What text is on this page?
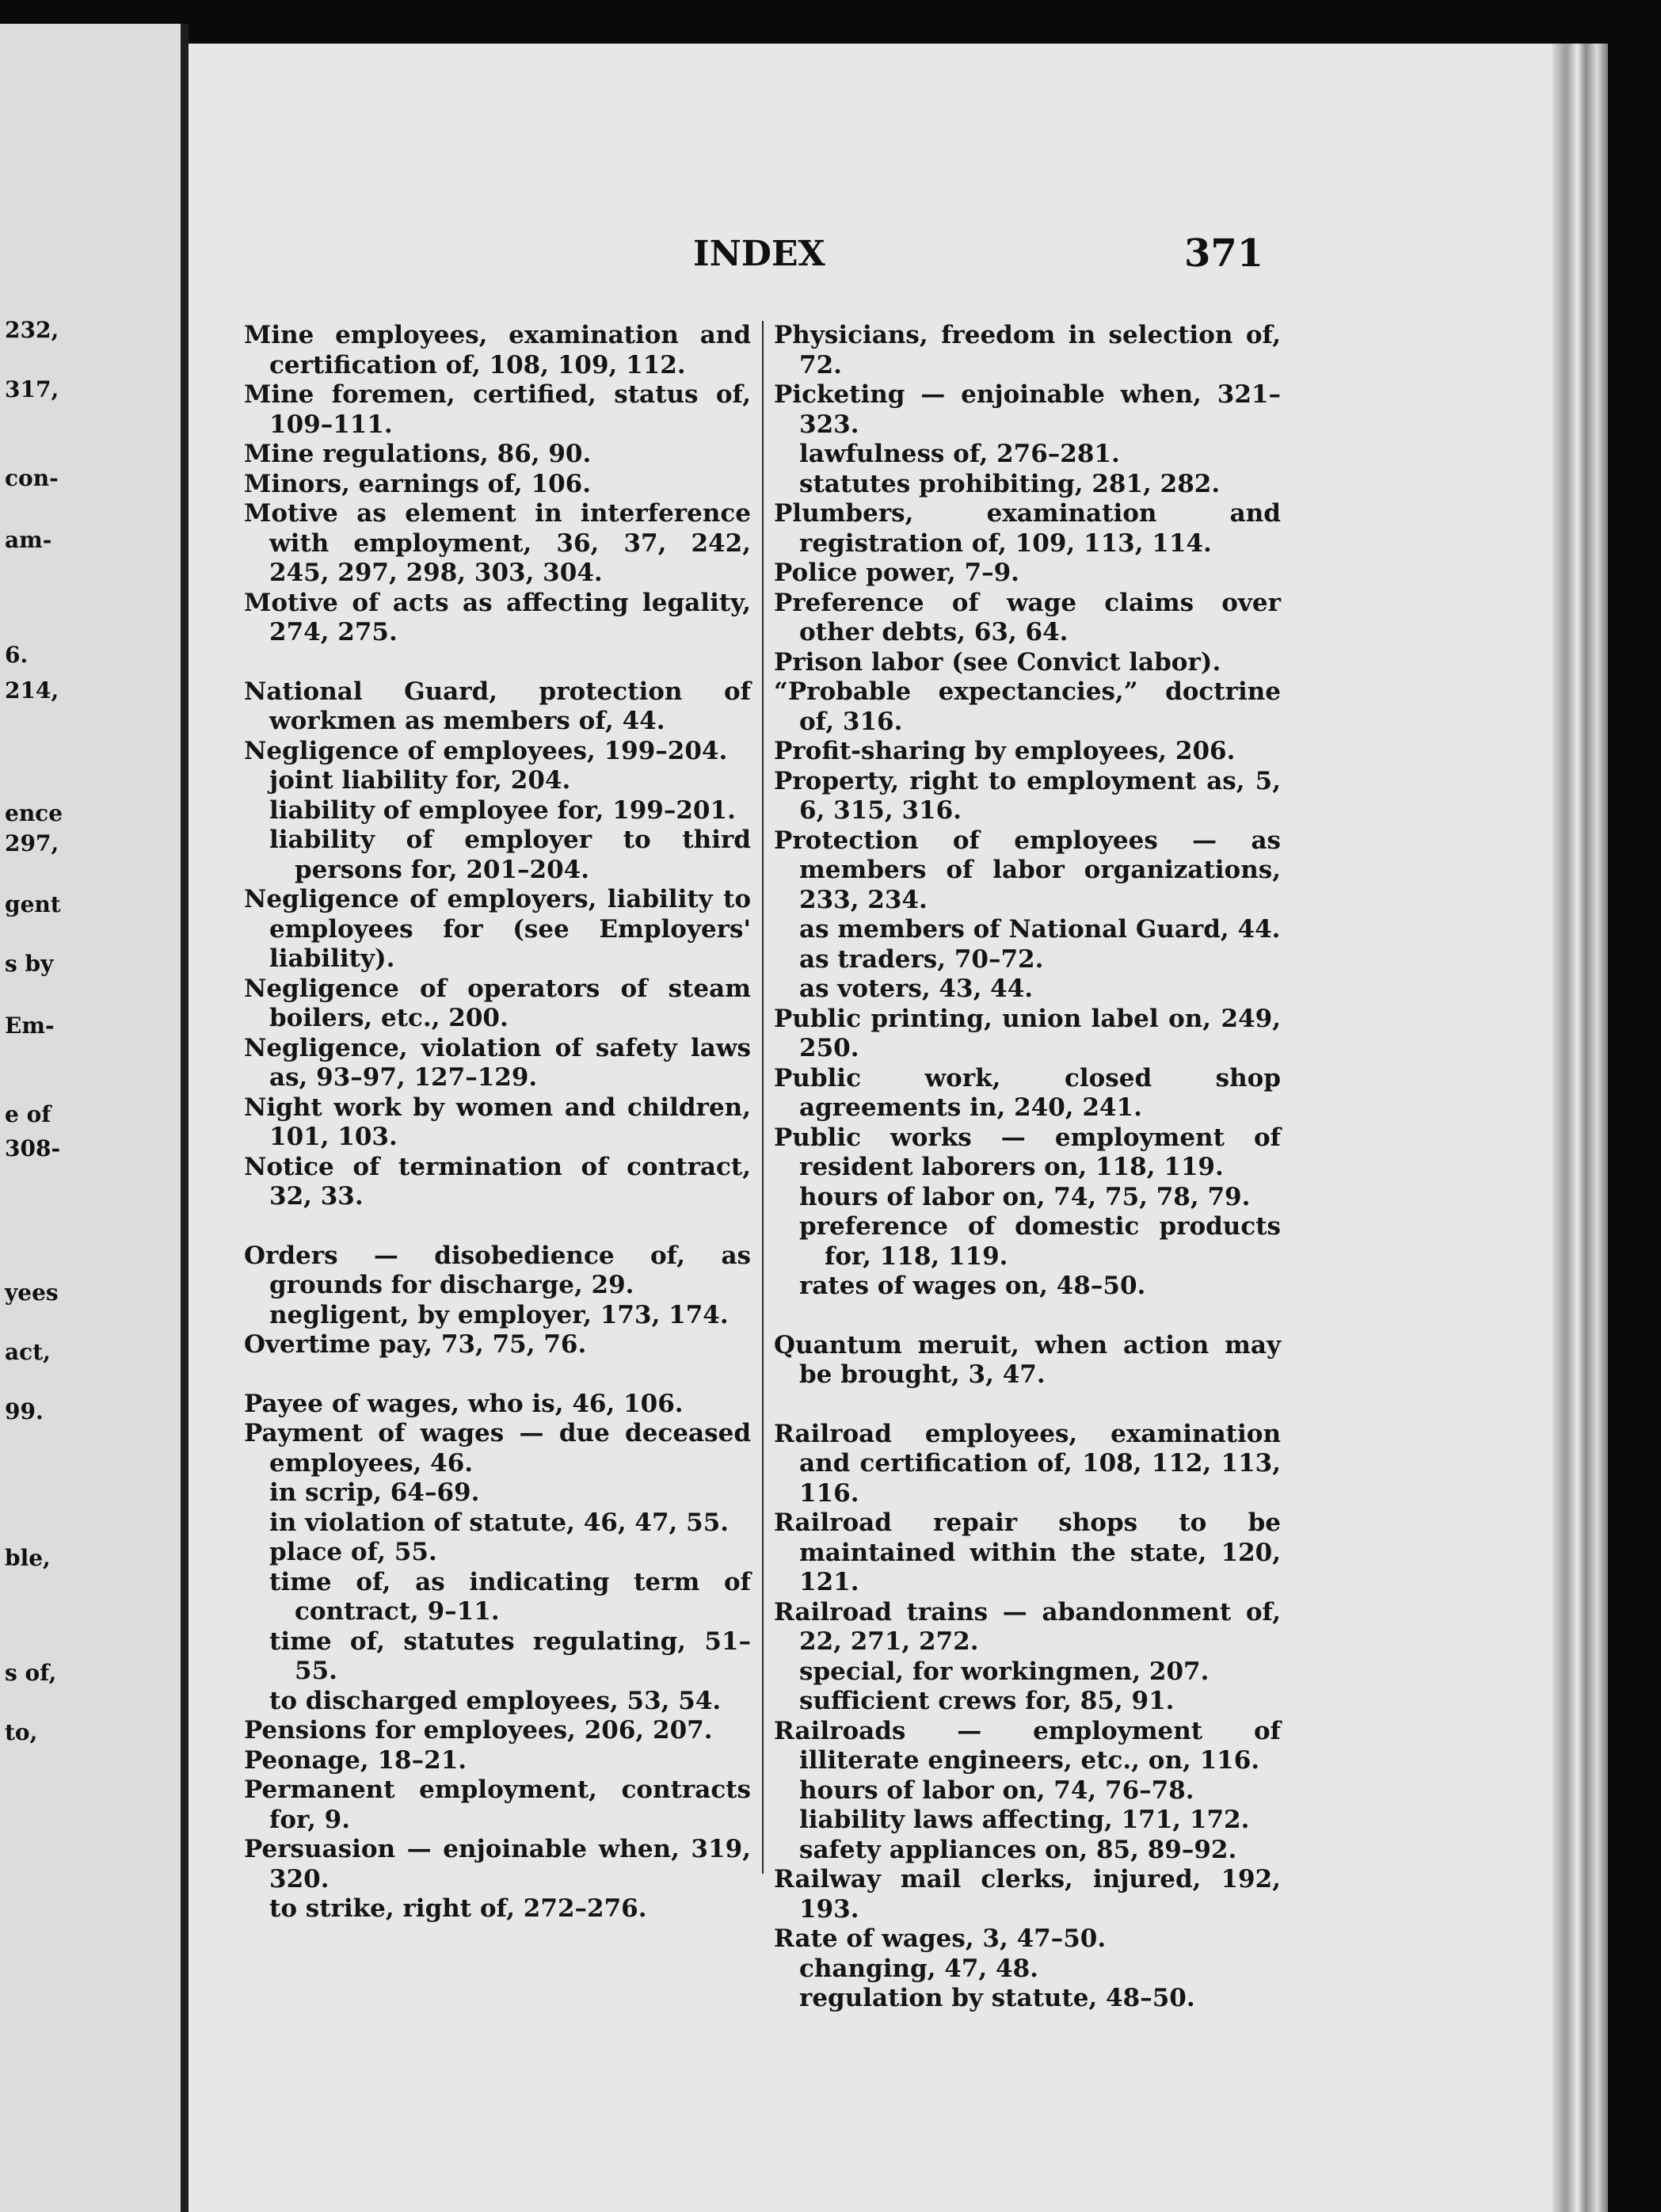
232,
317,
con-
am-
6.
214,
ence
297,
gent
s by
Em-
e of
308-
yees
act,
99.
ble,
s of,
to,
INDEX	371
Mine employees, examination and certification of, 108, 109, 112.
Mine foremen, certified, status of, 109–111.
Mine regulations, 86, 90.
Minors, earnings of, 106.
Motive as element in interference with employment, 36, 37, 242, 245, 297, 298, 303, 304.
Motive of acts as affecting legality, 274, 275.
National Guard, protection of workmen as members of, 44.
Negligence of employees, 199–204.
joint liability for, 204.
liability of employee for, 199–201.
liability of employer to third persons for, 201–204.
Negligence of employers, liability to employees for (see Employers' liability).
Negligence of operators of steam boilers, etc., 200.
Negligence, violation of safety laws as, 93–97, 127–129.
Night work by women and children, 101, 103.
Notice of termination of contract, 32, 33.
Orders — disobedience of, as grounds for discharge, 29.
negligent, by employer, 173, 174.
Overtime pay, 73, 75, 76.
Payee of wages, who is, 46, 106.
Payment of wages — due deceased employees, 46.
in scrip, 64–69.
in violation of statute, 46, 47, 55.
place of, 55.
time of, as indicating term of contract, 9–11.
time of, statutes regulating, 51–55.
to discharged employees, 53, 54.
Pensions for employees, 206, 207.
Peonage, 18–21.
Permanent employment, contracts for, 9.
Persuasion — enjoinable when, 319, 320.
to strike, right of, 272–276.
Physicians, freedom in selection of, 72.
Picketing — enjoinable when, 321–323.
lawfulness of, 276–281.
statutes prohibiting, 281, 282.
Plumbers, examination and registration of, 109, 113, 114.
Police power, 7–9.
Preference of wage claims over other debts, 63, 64.
Prison labor (see Convict labor).
“Probable expectancies,” doctrine of, 316.
Profit-sharing by employees, 206.
Property, right to employment as, 5, 6, 315, 316.
Protection of employees — as members of labor organizations, 233, 234.
as members of National Guard, 44.
as traders, 70–72.
as voters, 43, 44.
Public printing, union label on, 249, 250.
Public work, closed shop agreements in, 240, 241.
Public works — employment of resident laborers on, 118, 119.
hours of labor on, 74, 75, 78, 79.
preference of domestic products for, 118, 119.
rates of wages on, 48–50.
Quantum meruit, when action may be brought, 3, 47.
Railroad employees, examination and certification of, 108, 112, 113, 116.
Railroad repair shops to be maintained within the state, 120, 121.
Railroad trains — abandonment of, 22, 271, 272.
special, for workingmen, 207.
sufficient crews for, 85, 91.
Railroads — employment of illiterate engineers, etc., on, 116.
hours of labor on, 74, 76–78.
liability laws affecting, 171, 172.
safety appliances on, 85, 89–92.
Railway mail clerks, injured, 192, 193.
Rate of wages, 3, 47–50.
changing, 47, 48.
regulation by statute, 48–50.
